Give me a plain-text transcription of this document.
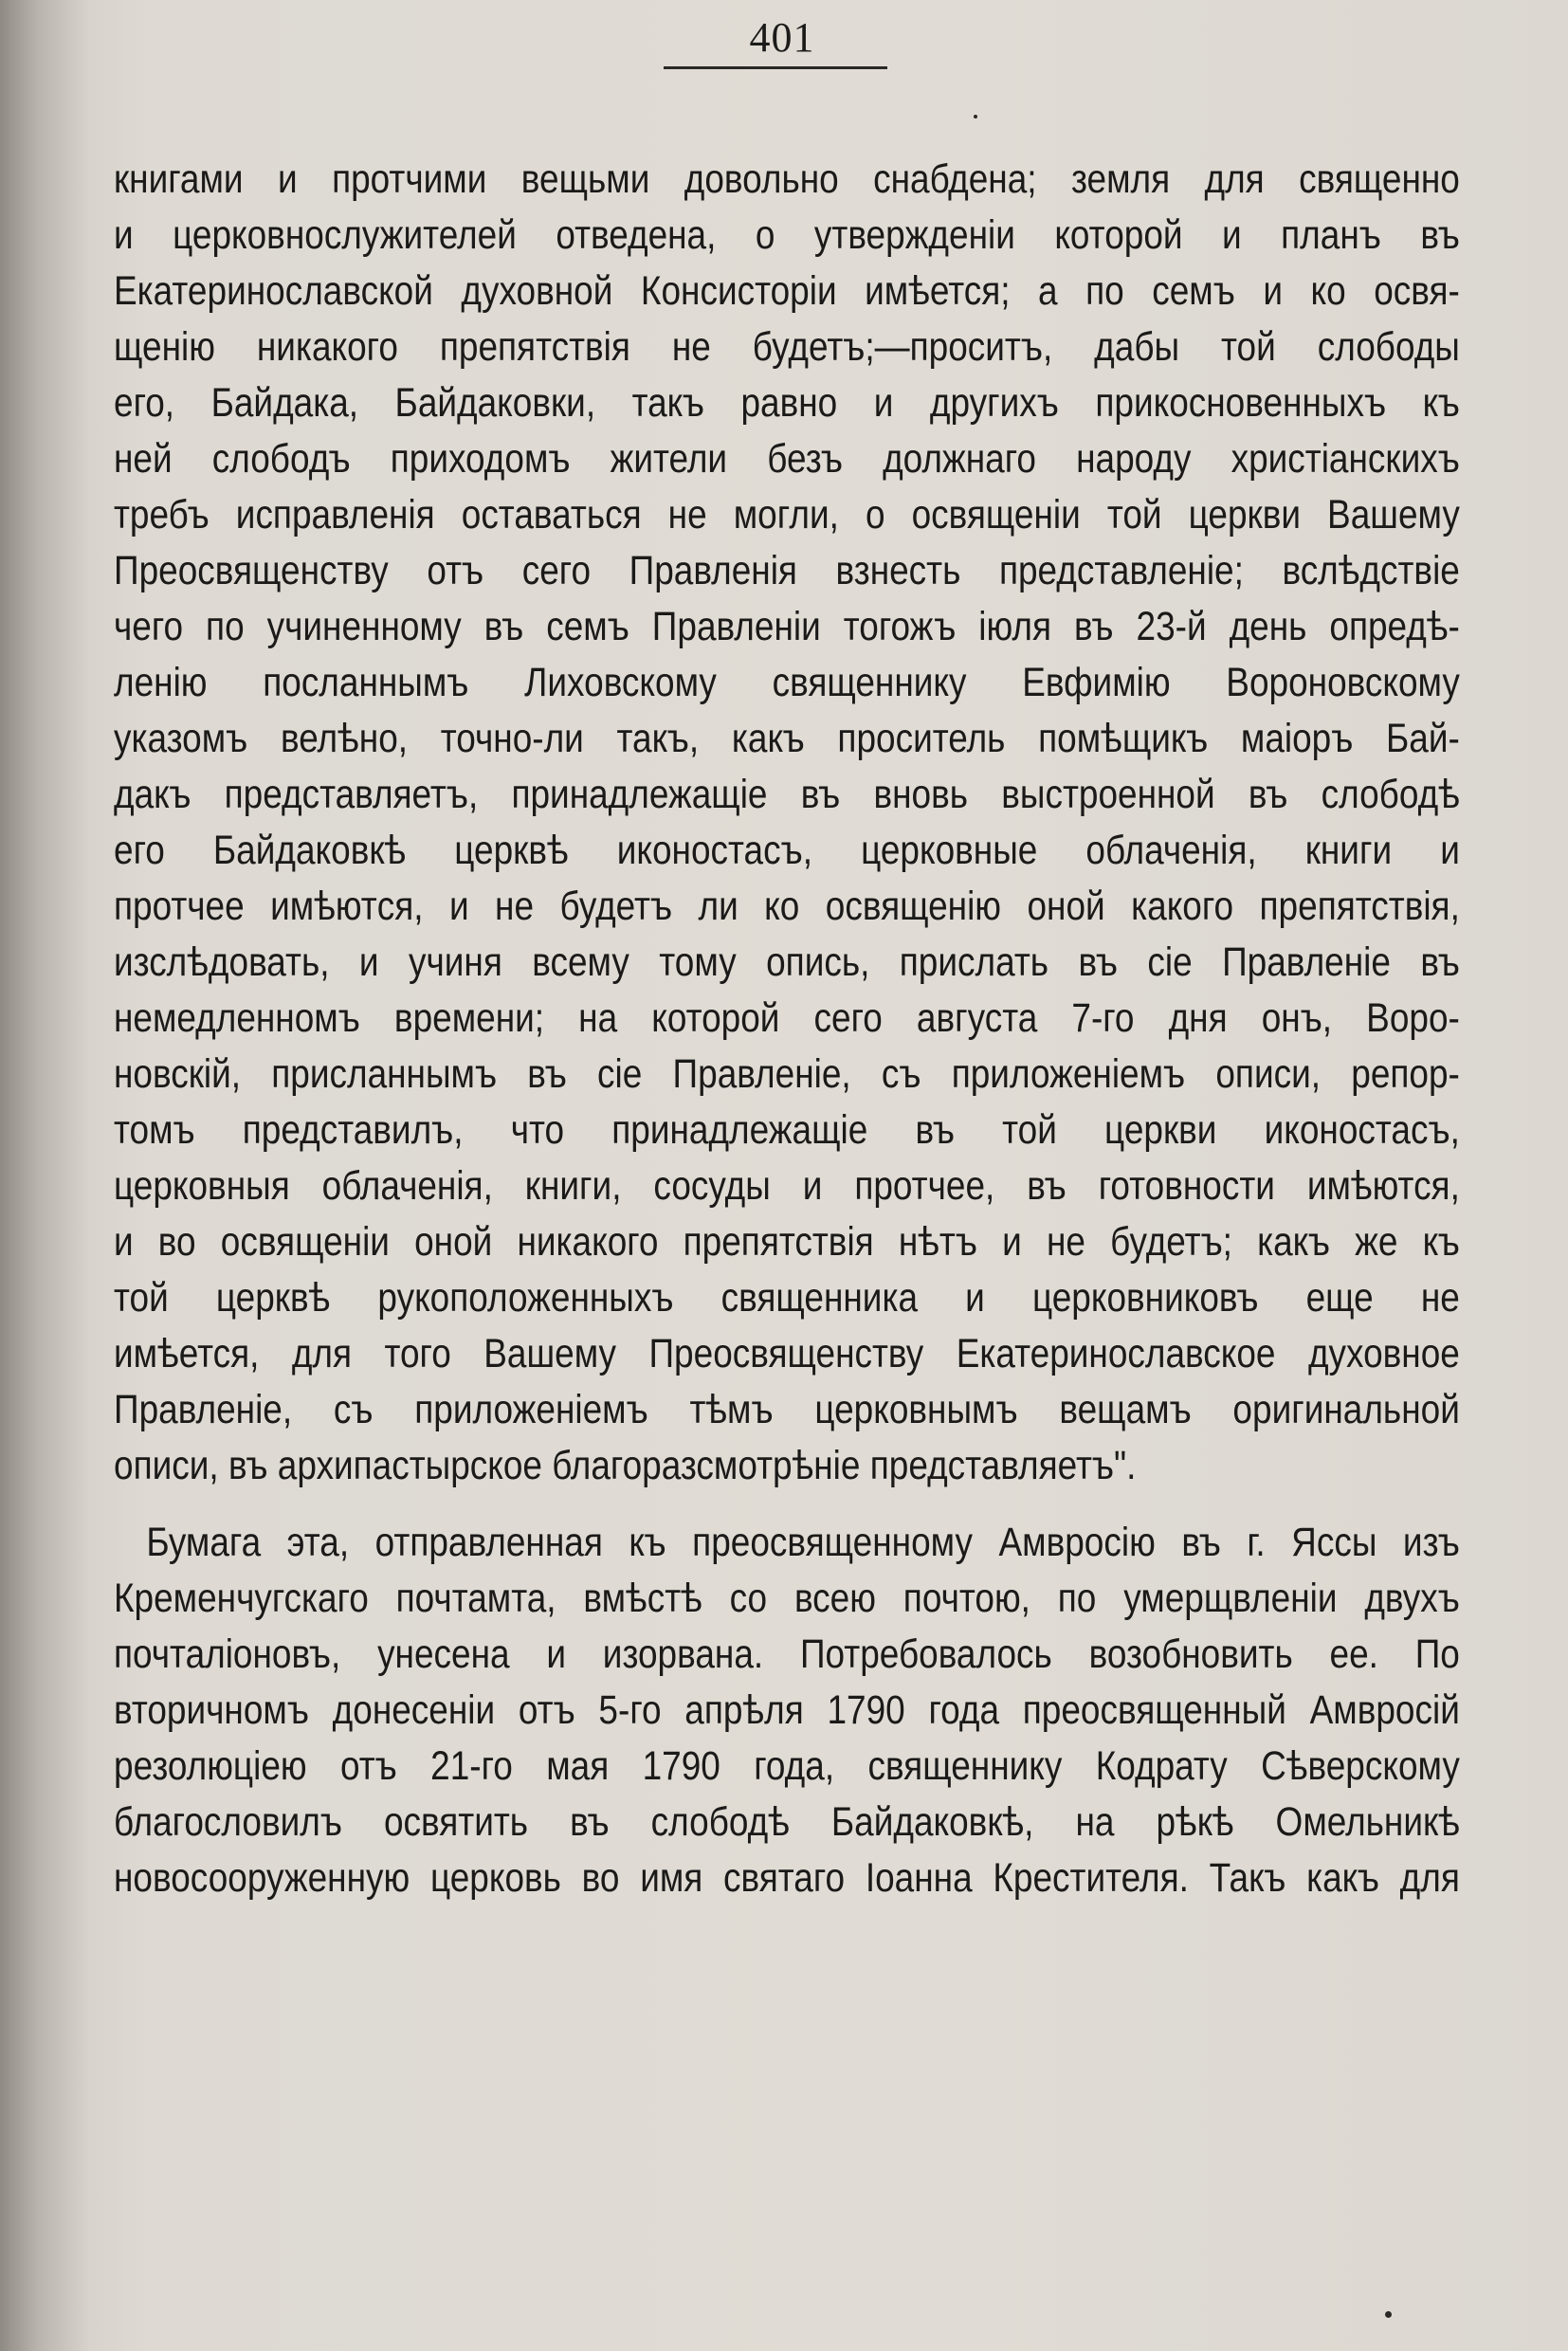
401
книгами и протчими вещьми довольно снабдена; земля для священно
и церковнослужителей отведена, о утвержденіи которой и планъ въ
Екатеринославской духовной Консисторіи имѣется; а по семъ и ко освя-
щенію никакого препятствія не будетъ;—проситъ, дабы той слободы
его, Байдака, Байдаковки, такъ равно и другихъ прикосновенныхъ къ
ней слободъ приходомъ жители безъ должнаго народу христіанскихъ
требъ исправленія оставаться не могли, о освященіи той церкви Вашему
Преосвященству отъ сего Правленія взнесть представленіе; вслѣдствіе
чего по учиненному въ семъ Правленіи тогожъ іюля въ 23-й день опредѣ-
ленію посланнымъ Лиховскому священнику Евфимію Вороновскому
указомъ велѣно, точно-ли такъ, какъ проситель помѣщикъ маіоръ Бай-
дакъ представляетъ, принадлежащіе въ вновь выстроенной въ слободѣ
его Байдаковкѣ церквѣ иконостасъ, церковные облаченія, книги и
протчее имѣютcя, и не будетъ ли ко освященію оной какого препятствія,
изслѣдовать, и учиня всему тому опись, прислать въ сіе Правленіе въ
немедленномъ времени; на которой сего августа 7-го дня онъ, Воро-
новскій, присланнымъ въ сіе Правленіе, съ приложеніемъ описи, репор-
томъ представилъ, что принадлежащіе въ той церкви иконостасъ,
церковныя облаченія, книги, сосуды и протчее, въ готовности имѣются,
и во освященіи оной никакого препятствія нѣтъ и не будетъ; какъ же къ
той церквѣ рукоположенныхъ священника и церковниковъ еще не
имѣется, для того Вашему Преосвященству Екатеринославское духовное
Правленіе, съ приложеніемъ тѣмъ церковнымъ вещамъ оригинальной
описи, въ архипастырское благоразсмотрѣніе представляетъ".
Бумага эта, отправленная къ преосвященному Амвросію въ г. Яссы изъ
Кременчугскаго почтамта, вмѣстѣ со всею почтою, по умерщвленіи двухъ
почталіоновъ, унесена и изорвана. Потребовалось возобновить ее. По
вторичномъ донесеніи отъ 5-го апрѣля 1790 года преосвященный Амвросій
резолюціею отъ 21-го мая 1790 года, священнику Кодрату Сѣверскому
благословилъ освятить въ слободѣ Байдаковкѣ, на рѣкѣ Омельникѣ
новосооруженную церковь во имя святаго Іоанна Крестителя. Такъ какъ для
